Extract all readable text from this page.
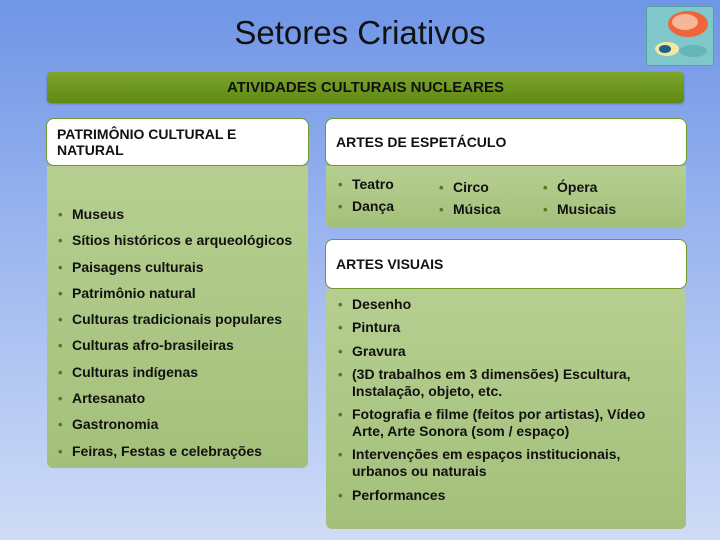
Setores Criativos
ATIVIDADES CULTURAIS NUCLEARES
PATRIMÔNIO CULTURAL E NATURAL
• Museus
• Sítios históricos e arqueológicos
• Paisagens culturais
• Patrimônio natural
• Culturas tradicionais populares
• Culturas afro-brasileiras
• Culturas indígenas
• Artesanato
• Gastronomia
• Feiras, Festas e celebrações
ARTES DE ESPETÁCULO
• Teatro
• Dança
• Circo
• Música
• Ópera
• Musicais
ARTES VISUAIS
• Desenho
• Pintura
• Gravura
• (3D trabalhos em 3 dimensões) Escultura, Instalação, objeto, etc.
• Fotografia e filme (feitos por artistas), Vídeo Arte, Arte Sonora (som / espaço)
• Intervenções em espaços institucionais, urbanos ou naturais
• Performances
